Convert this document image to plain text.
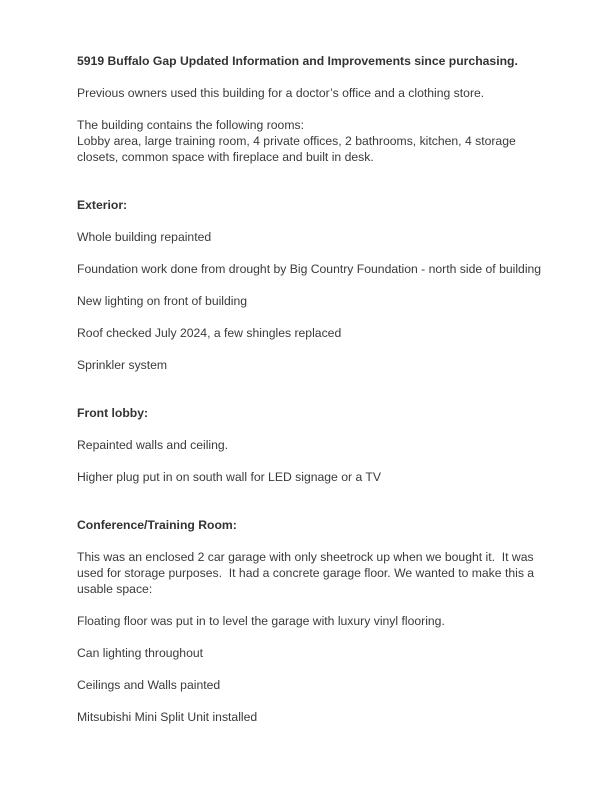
5919 Buffalo Gap Updated Information and Improvements since purchasing.

Previous owners used this building for a doctor’s office and a clothing store.

The building contains the following rooms:

Lobby area, large training room, 4 private offices, 2 bathrooms, kitchen, 4 storage closets, common space with fireplace and built in desk.

Exterior:

Whole building repainted

Foundation work done from drought by Big Country Foundation - north side of building

New lighting on front of building

Roof checked July 2024, a few shingles replaced

Sprinkler system

Front lobby:

Repainted walls and ceiling.

Higher plug put in on south wall for LED signage or a TV

Conference/Training Room:

This was an enclosed 2 car garage with only sheetrock up when we bought it.  It was used for storage purposes.  It had a concrete garage floor. We wanted to make this a usable space:

Floating floor was put in to level the garage with luxury vinyl flooring.

Can lighting throughout

Ceilings and Walls painted

Mitsubishi Mini Split Unit installed
